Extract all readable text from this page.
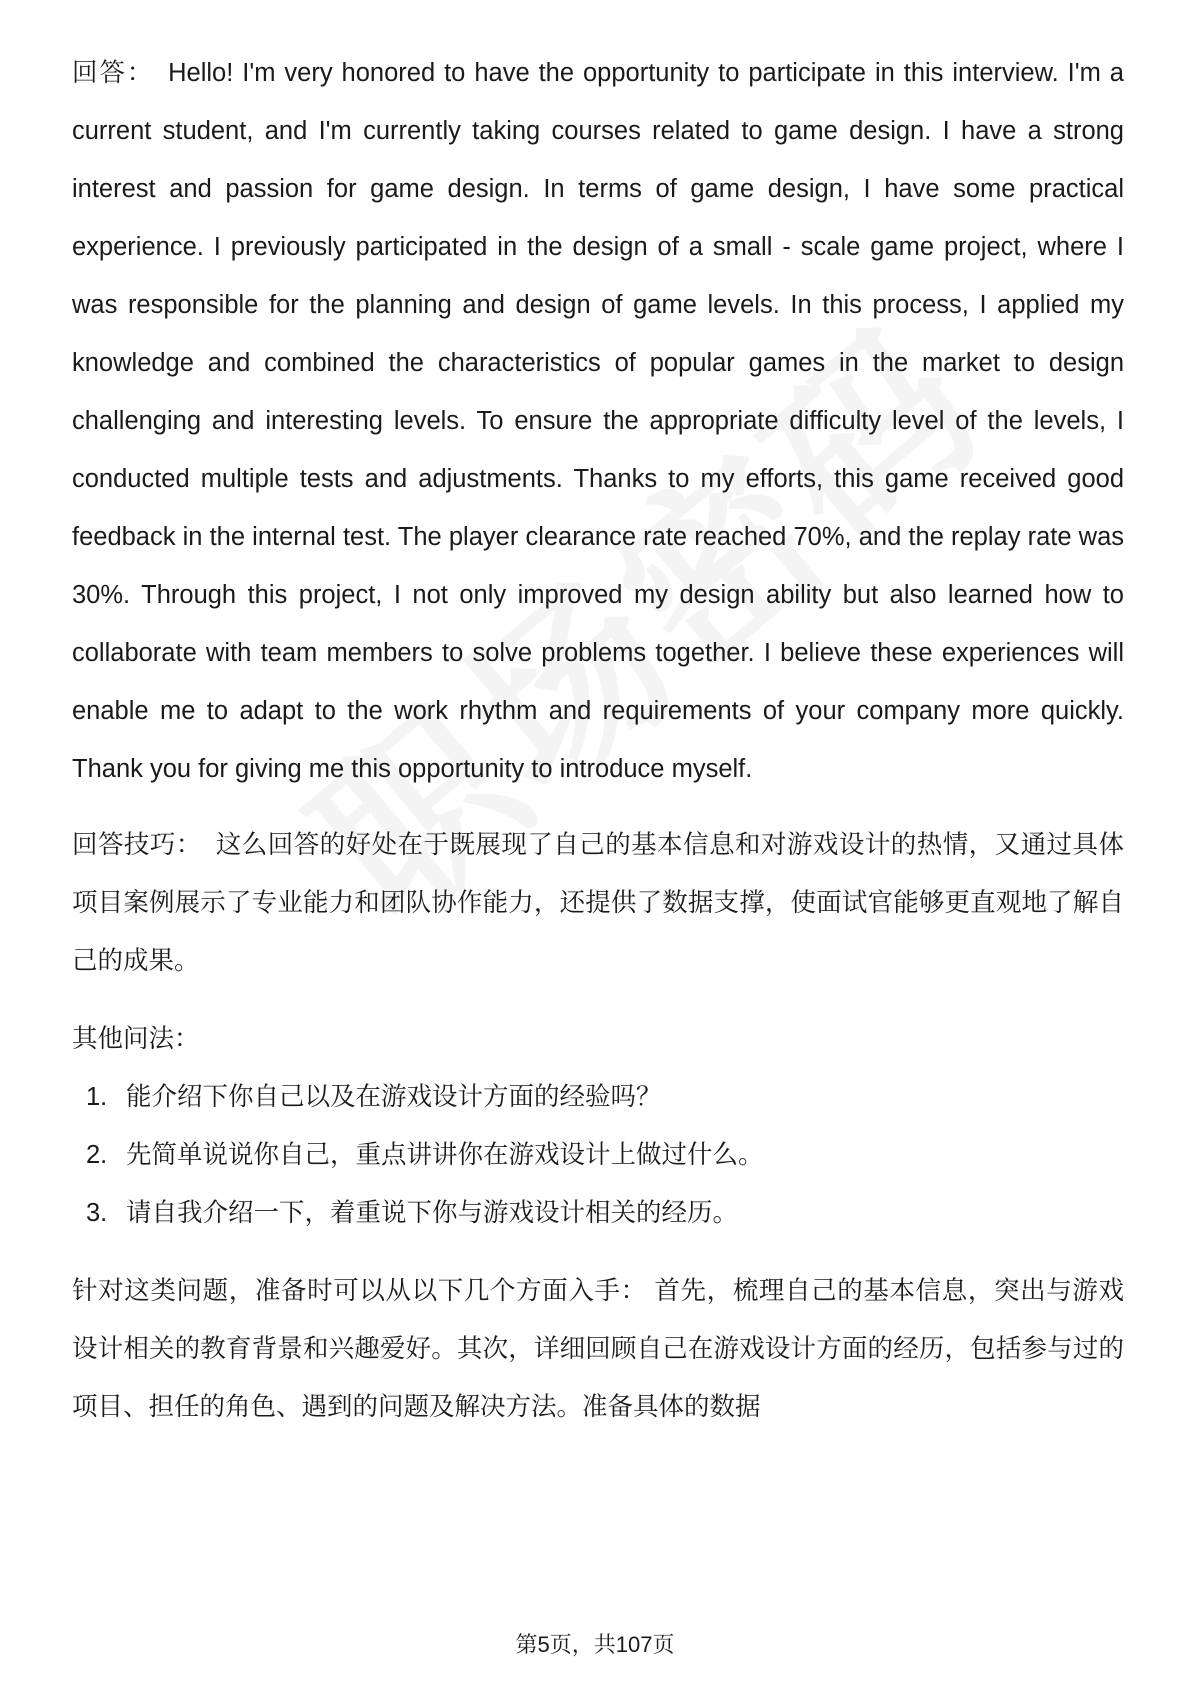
回答： Hello! I'm very honored to have the opportunity to participate in this interview. I'm a current student, and I'm currently taking courses related to game design. I have a strong interest and passion for game design. In terms of game design, I have some practical experience. I previously participated in the design of a small - scale game project, where I was responsible for the planning and design of game levels. In this process, I applied my knowledge and combined the characteristics of popular games in the market to design challenging and interesting levels. To ensure the appropriate difficulty level of the levels, I conducted multiple tests and adjustments. Thanks to my efforts, this game received good feedback in the internal test. The player clearance rate reached 70%, and the replay rate was 30%. Through this project, I not only improved my design ability but also learned how to collaborate with team members to solve problems together. I believe these experiences will enable me to adapt to the work rhythm and requirements of your company more quickly. Thank you for giving me this opportunity to introduce myself.

回答技巧： 这么回答的好处在于既展现了自己的基本信息和对游戏设计的热情，又通过具体项目案例展示了专业能力和团队协作能力，还提供了数据支撑，使面试官能够更直观地了解自己的成果。

其他问法：

1. 能介绍下你自己以及在游戏设计方面的经验吗？
2. 先简单说说你自己，重点讲讲你在游戏设计上做过什么。
3. 请自我介绍一下，着重说下你与游戏设计相关的经历。

针对这类问题，准备时可以从以下几个方面入手： 首先，梳理自己的基本信息，突出与游戏设计相关的教育背景和兴趣爱好。其次，详细回顾自己在游戏设计方面的经历，包括参与过的项目、担任的角色、遇到的问题及解决方法。准备具体的数据

第5页，共107页
